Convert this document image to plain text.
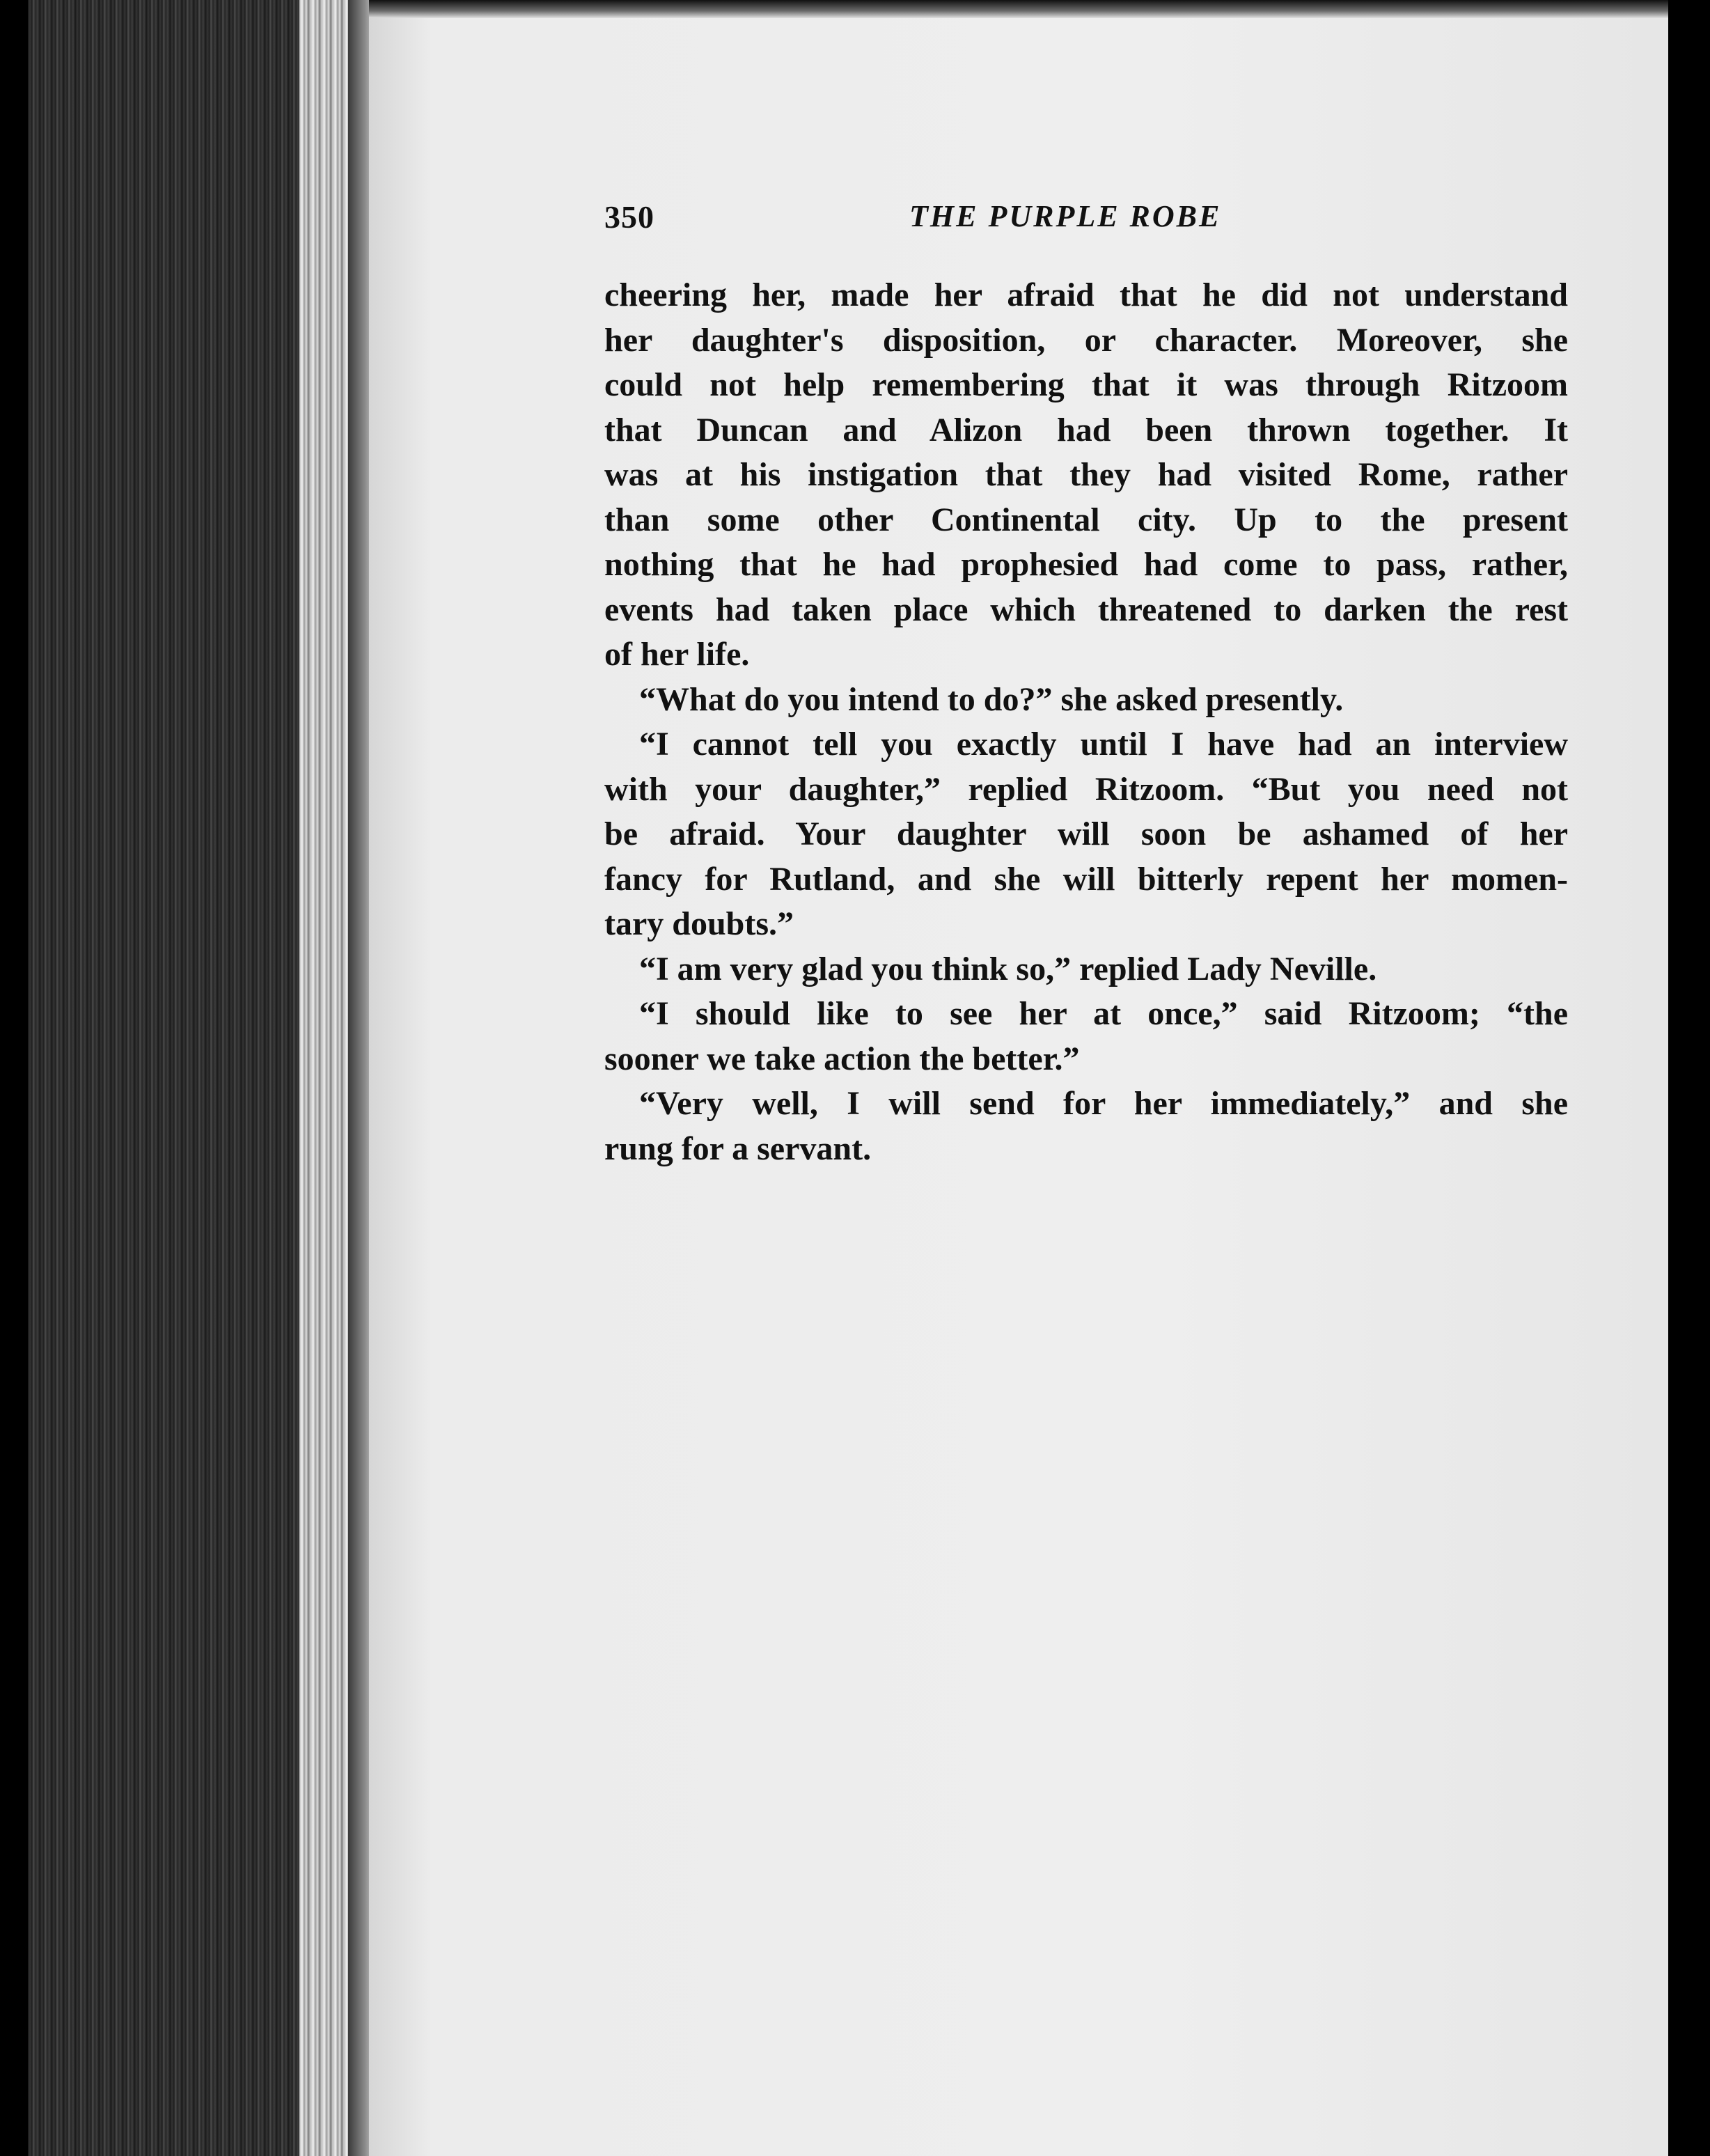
350	THE PURPLE ROBE
cheering her, made her afraid that he did not understand
her daughter's disposition, or character. Moreover, she
could not help remembering that it was through Ritzoom
that Duncan and Alizon had been thrown together. It
was at his instigation that they had visited Rome, rather
than some other Continental city. Up to the present
nothing that he had prophesied had come to pass, rather,
events had taken place which threatened to darken the rest
of her life.
“What do you intend to do?” she asked presently.
“I cannot tell you exactly until I have had an interview
with your daughter,” replied Ritzoom. “But you need not
be afraid. Your daughter will soon be ashamed of her
fancy for Rutland, and she will bitterly repent her momen-
tary doubts.”
“I am very glad you think so,” replied Lady Neville.
“I should like to see her at once,” said Ritzoom; “the
sooner we take action the better.”
“Very well, I will send for her immediately,” and she
rung for a servant.
